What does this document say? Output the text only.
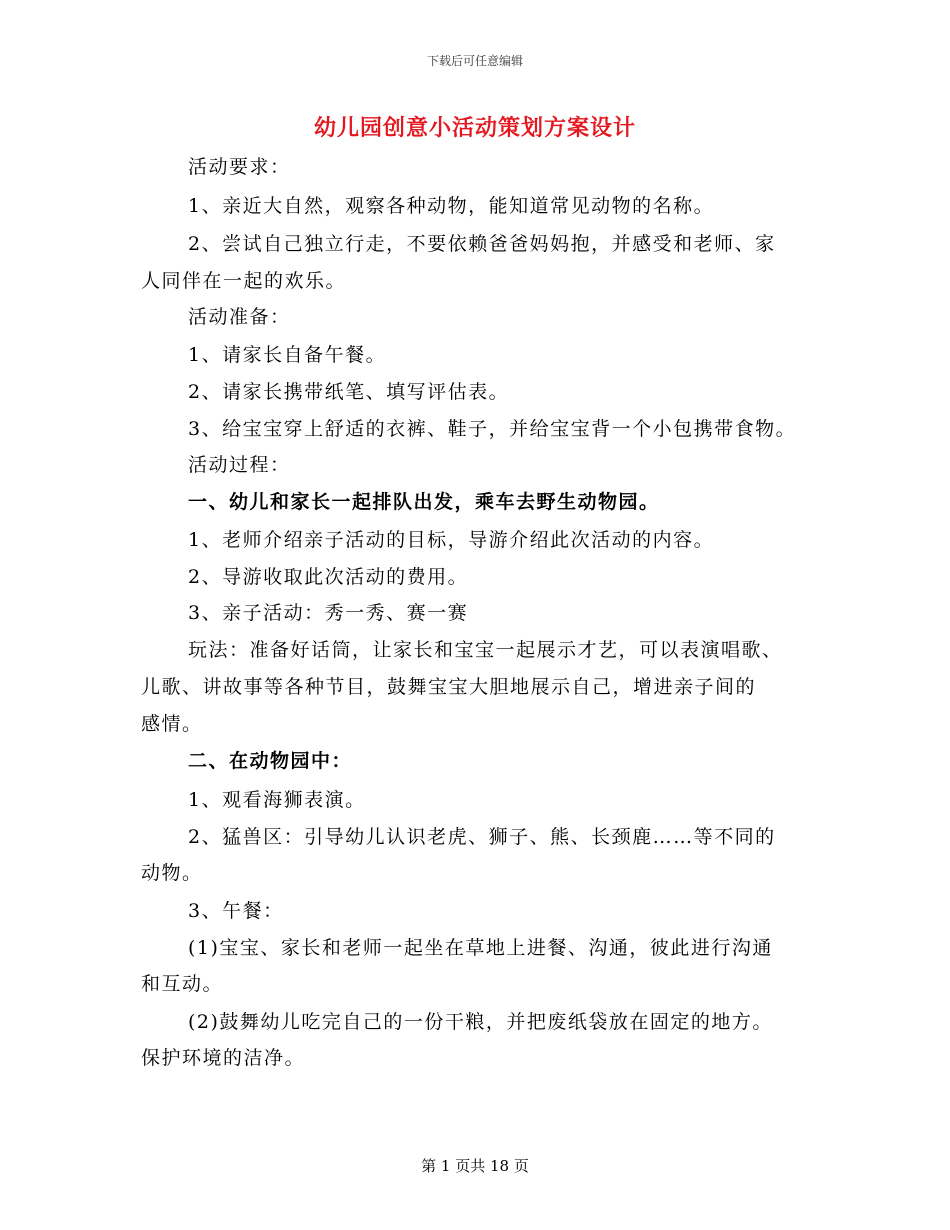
下载后可任意编辑
幼儿园创意小活动策划方案设计
活动要求：
1、亲近大自然，观察各种动物，能知道常见动物的名称。
2、尝试自己独立行走，不要依赖爸爸妈妈抱，并感受和老师、家
人同伴在一起的欢乐。
活动准备：
1、请家长自备午餐。
2、请家长携带纸笔、填写评估表。
3、给宝宝穿上舒适的衣裤、鞋子，并给宝宝背一个小包携带食物。
活动过程：
一、幼儿和家长一起排队出发，乘车去野生动物园。
1、老师介绍亲子活动的目标，导游介绍此次活动的内容。
2、导游收取此次活动的费用。
3、亲子活动：秀一秀、赛一赛
玩法：准备好话筒，让家长和宝宝一起展示才艺，可以表演唱歌、
儿歌、讲故事等各种节目，鼓舞宝宝大胆地展示自己，增进亲子间的
感情。
二、在动物园中：
1、观看海狮表演。
2、猛兽区：引导幼儿认识老虎、狮子、熊、长颈鹿……等不同的
动物。
3、午餐：
(1)宝宝、家长和老师一起坐在草地上进餐、沟通，彼此进行沟通
和互动。
(2)鼓舞幼儿吃完自己的一份干粮，并把废纸袋放在固定的地方。
保护环境的洁净。
第 1 页共 18 页
